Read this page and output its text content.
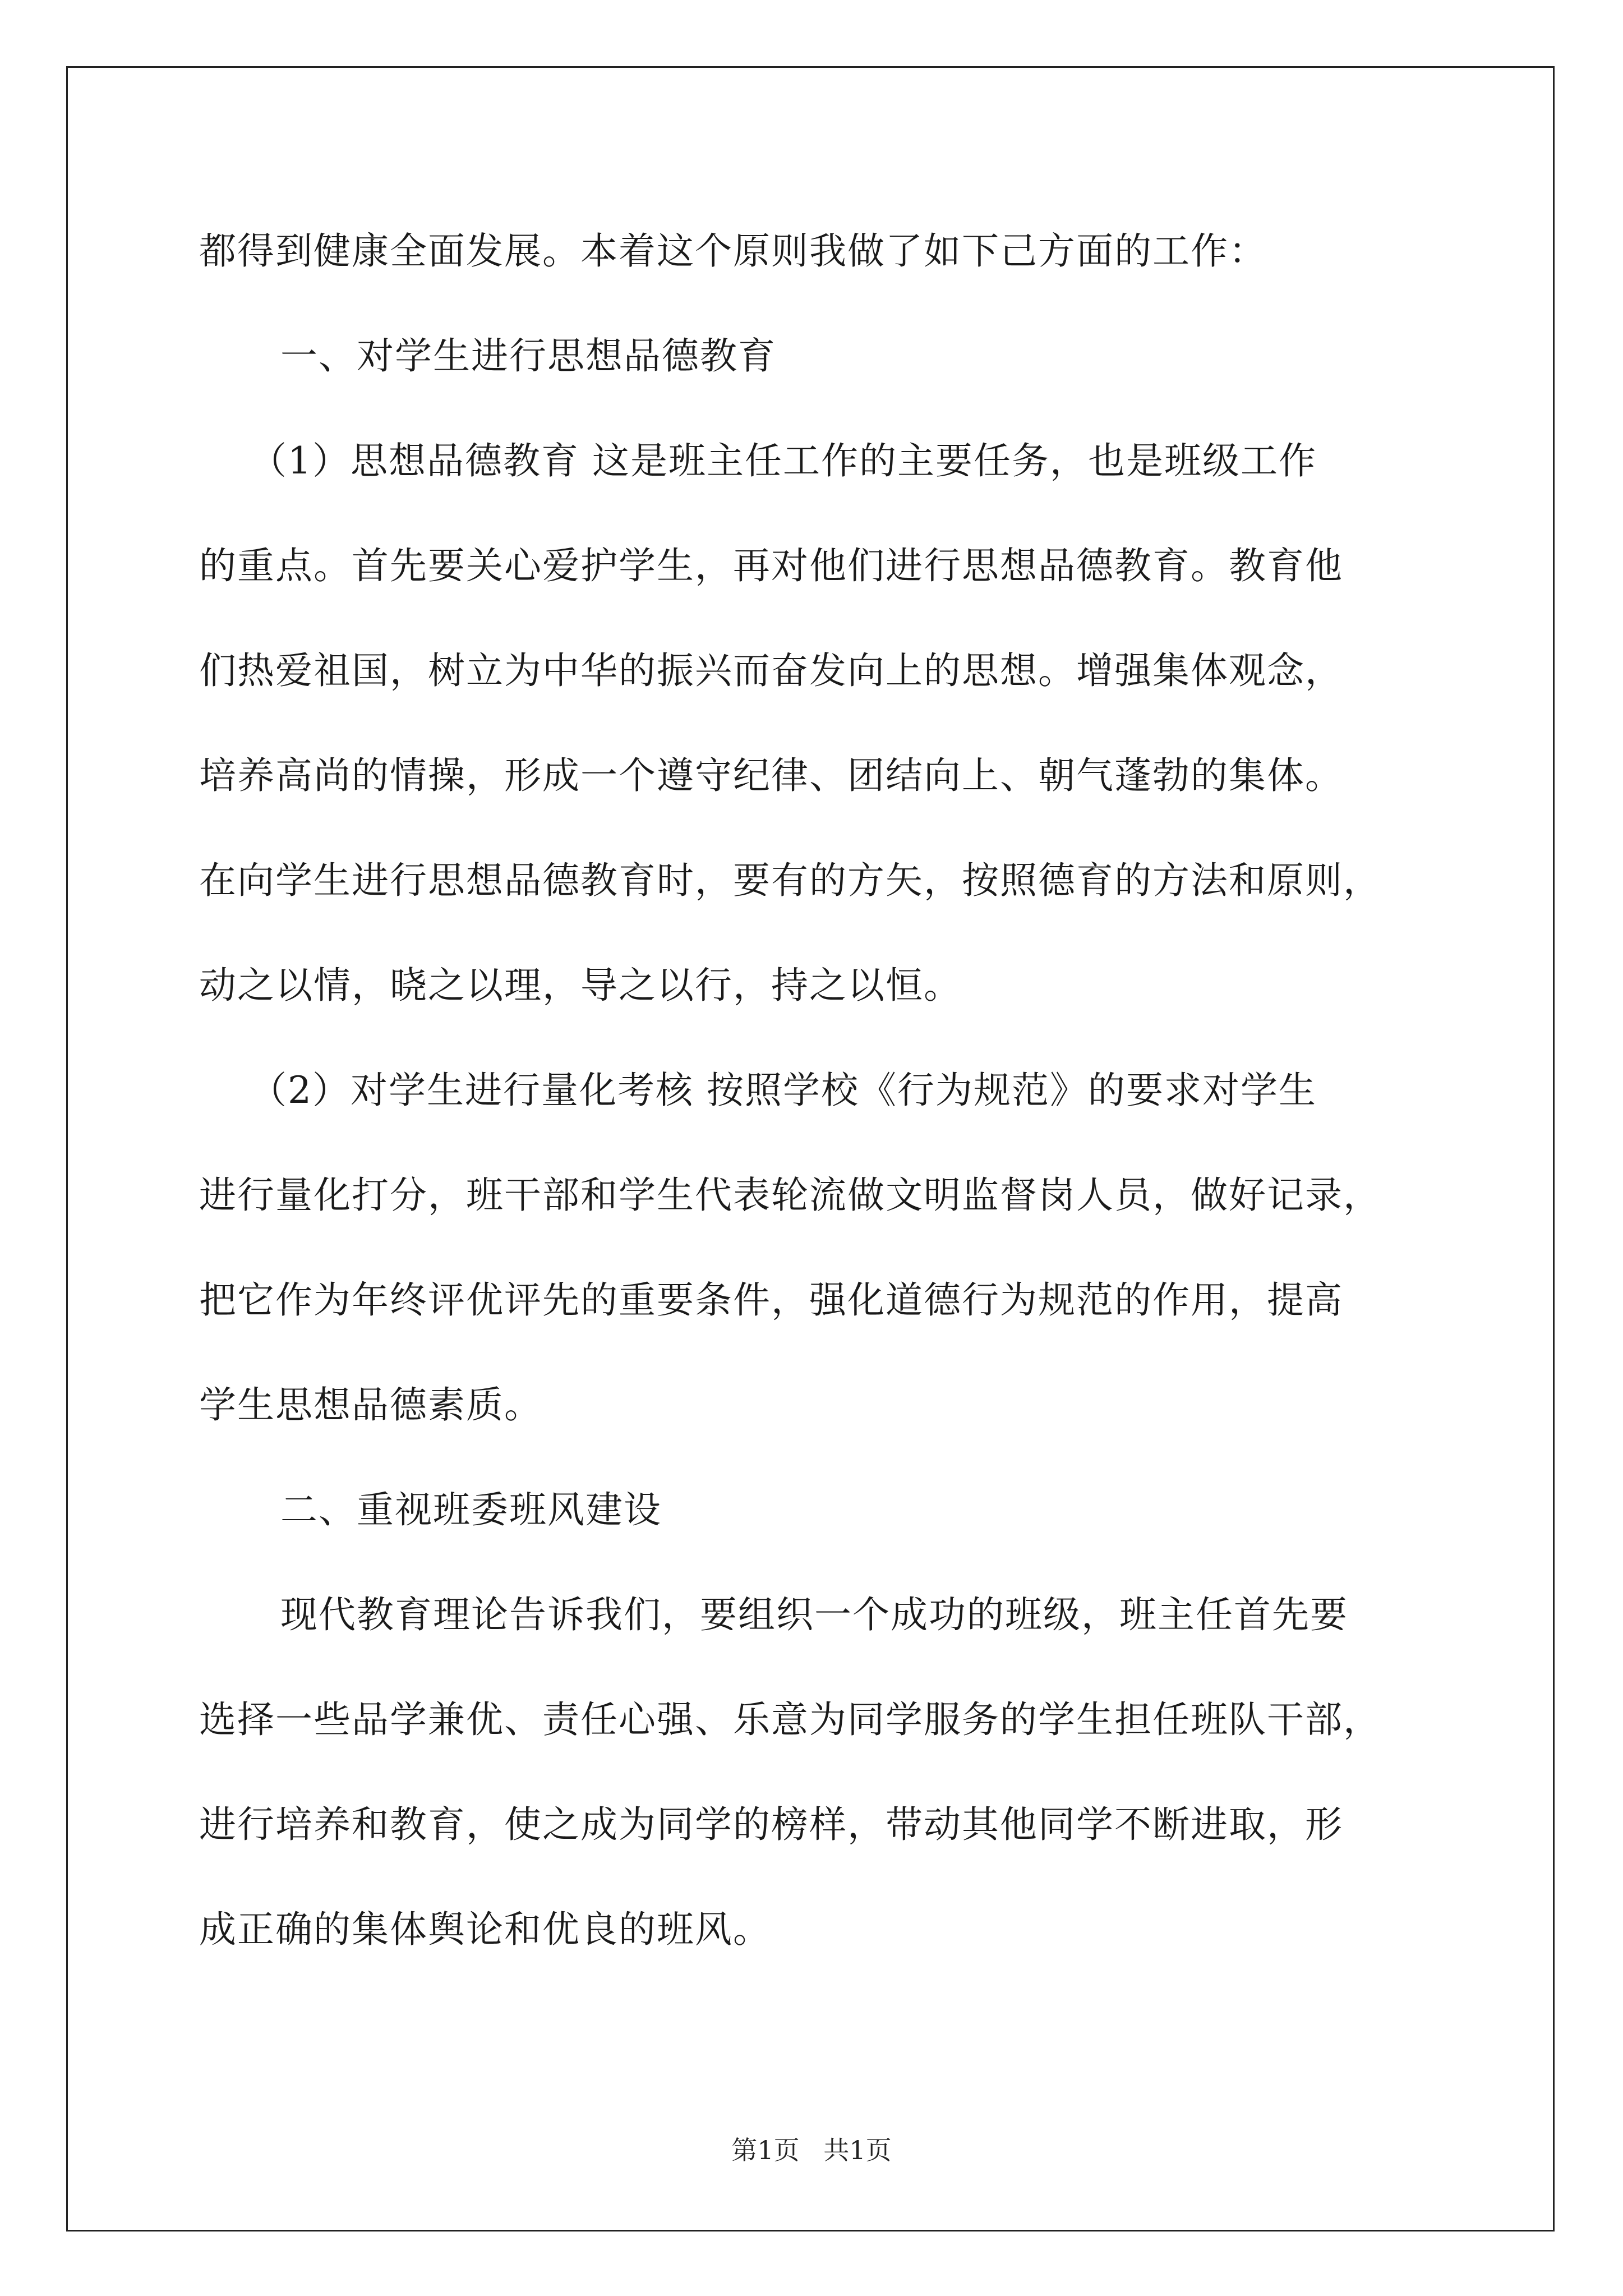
都得到健康全面发展。本着这个原则我做了如下己方面的工作：
一、对学生进行思想品德教育
（1）思想品德教育 这是班主任工作的主要任务，也是班级工作
的重点。首先要关心爱护学生，再对他们进行思想品德教育。教育他
们热爱祖国，树立为中华的振兴而奋发向上的思想。增强集体观念，
培养高尚的情操，形成一个遵守纪律、团结向上、朝气蓬勃的集体。
在向学生进行思想品德教育时，要有的方矢，按照德育的方法和原则，
动之以情，晓之以理，导之以行，持之以恒。
（2）对学生进行量化考核 按照学校《行为规范》的要求对学生
进行量化打分，班干部和学生代表轮流做文明监督岗人员，做好记录，
把它作为年终评优评先的重要条件，强化道德行为规范的作用，提高
学生思想品德素质。
二、重视班委班风建设
现代教育理论告诉我们，要组织一个成功的班级，班主任首先要
选择一些品学兼优、责任心强、乐意为同学服务的学生担任班队干部，
进行培养和教育，使之成为同学的榜样，带动其他同学不断进取，形
成正确的集体舆论和优良的班风。
第1页 共1页
